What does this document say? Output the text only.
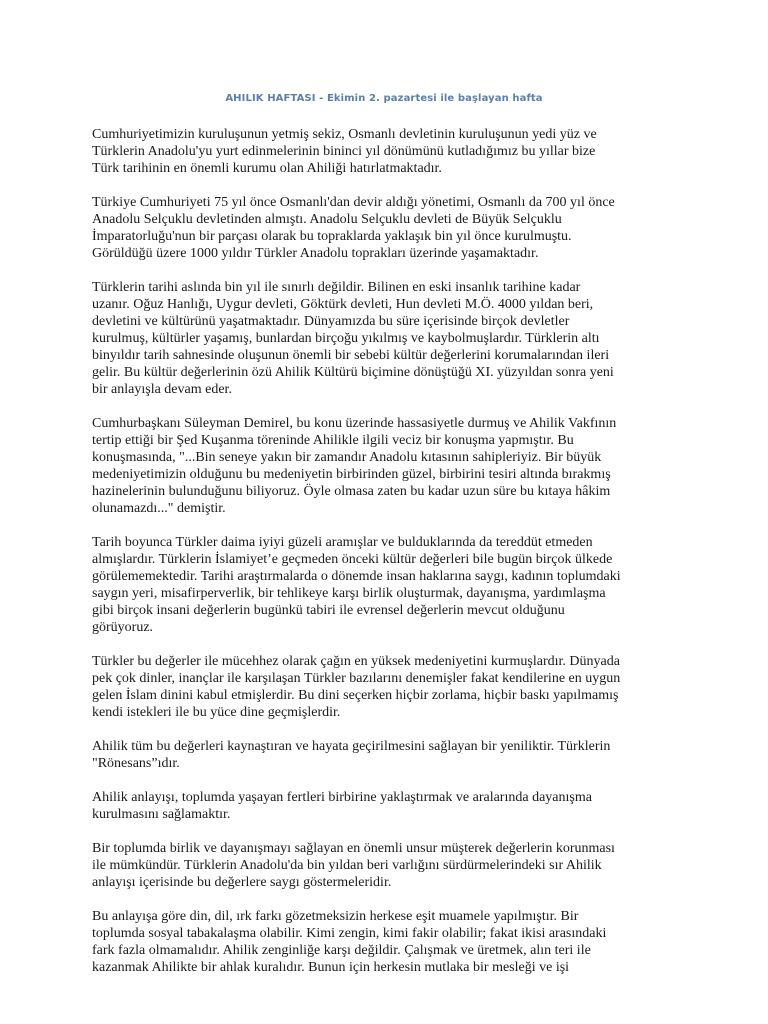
AHILIK HAFTASI - Ekimin 2. pazartesi ile başlayan hafta

Cumhuriyetimizin kuruluşunun yetmiş sekiz, Osmanlı devletinin kuruluşunun yedi yüz ve
Türklerin Anadolu'yu yurt edinmelerinin bininci yıl dönümünü kutladığımız bu yıllar bize
Türk tarihinin en önemli kurumu olan Ahiliği hatırlatmaktadır.

Türkiye Cumhuriyeti 75 yıl önce Osmanlı'dan devir aldığı yönetimi, Osmanlı da 700 yıl önce
Anadolu Selçuklu devletinden almıştı. Anadolu Selçuklu devleti de Büyük Selçuklu
İmparatorluğu'nun bir parçası olarak bu topraklarda yaklaşık bin yıl önce kurulmuştu.
Görüldüğü üzere 1000 yıldır Türkler Anadolu toprakları üzerinde yaşamaktadır.

Türklerin tarihi aslında bin yıl ile sınırlı değildir. Bilinen en eski insanlık tarihine kadar
uzanır. Oğuz Hanlığı, Uygur devleti, Göktürk devleti, Hun devleti M.Ö. 4000 yıldan beri,
devletini ve kültürünü yaşatmaktadır. Dünyamızda bu süre içerisinde birçok devletler
kurulmuş, kültürler yaşamış, bunlardan birçoğu yıkılmış ve kaybolmuşlardır. Türklerin altı
binyıldır tarih sahnesinde oluşunun önemli bir sebebi kültür değerlerini korumalarından ileri
gelir. Bu kültür değerlerinin özü Ahilik Kültürü biçimine dönüştüğü XI. yüzyıldan sonra yeni
bir anlayışla devam eder.

Cumhurbaşkanı Süleyman Demirel, bu konu üzerinde hassasiyetle durmuş ve Ahilik Vakfının
tertip ettiği bir Şed Kuşanma töreninde Ahilikle ilgili veciz bir konuşma yapmıştır. Bu
konuşmasında, "...Bin seneye yakın bir zamandır Anadolu kıtasının sahipleriyiz. Bir büyük
medeniyetimizin olduğunu bu medeniyetin birbirinden güzel, birbirini tesiri altında bırakmış
hazinelerinin bulunduğunu biliyoruz. Öyle olmasa zaten bu kadar uzun süre bu kıtaya hâkim
olunamazdı..." demiştir.

Tarih boyunca Türkler daima iyiyi güzeli aramışlar ve bulduklarında da tereddüt etmeden
almışlardır. Türklerin İslamiyet’e geçmeden önceki kültür değerleri bile bugün birçok ülkede
görülememektedir. Tarihi araştırmalarda o dönemde insan haklarına saygı, kadının toplumdaki
saygın yeri, misafirperverlik, bir tehlikeye karşı birlik oluşturmak, dayanışma, yardımlaşma
gibi birçok insani değerlerin bugünkü tabiri ile evrensel değerlerin mevcut olduğunu
görüyoruz.

Türkler bu değerler ile mücehhez olarak çağın en yüksek medeniyetini kurmuşlardır. Dünyada
pek çok dinler, inançlar ile karşılaşan Türkler bazılarını denemişler fakat kendilerine en uygun
gelen İslam dinini kabul etmişlerdir. Bu dini seçerken hiçbir zorlama, hiçbir baskı yapılmamış
kendi istekleri ile bu yüce dine geçmişlerdir.

Ahilik tüm bu değerleri kaynaştıran ve hayata geçirilmesini sağlayan bir yeniliktir. Türklerin
"Rönesans”ıdır.

Ahilik anlayışı, toplumda yaşayan fertleri birbirine yaklaştırmak ve aralarında dayanışma
kurulmasını sağlamaktır.

Bir toplumda birlik ve dayanışmayı sağlayan en önemli unsur müşterek değerlerin korunması
ile mümkündür. Türklerin Anadolu'da bin yıldan beri varlığını sürdürmelerindeki sır Ahilik
anlayışı içerisinde bu değerlere saygı göstermeleridir.

Bu anlayışa göre din, dil, ırk farkı gözetmeksizin herkese eşit muamele yapılmıştır. Bir
toplumda sosyal tabakalaşma olabilir. Kimi zengin, kimi fakir olabilir; fakat ikisi arasındaki
fark fazla olmamalıdır. Ahilik zenginliğe karşı değildir. Çalışmak ve üretmek, alın teri ile
kazanmak Ahilikte bir ahlak kuralıdır. Bunun için herkesin mutlaka bir mesleği ve işi
